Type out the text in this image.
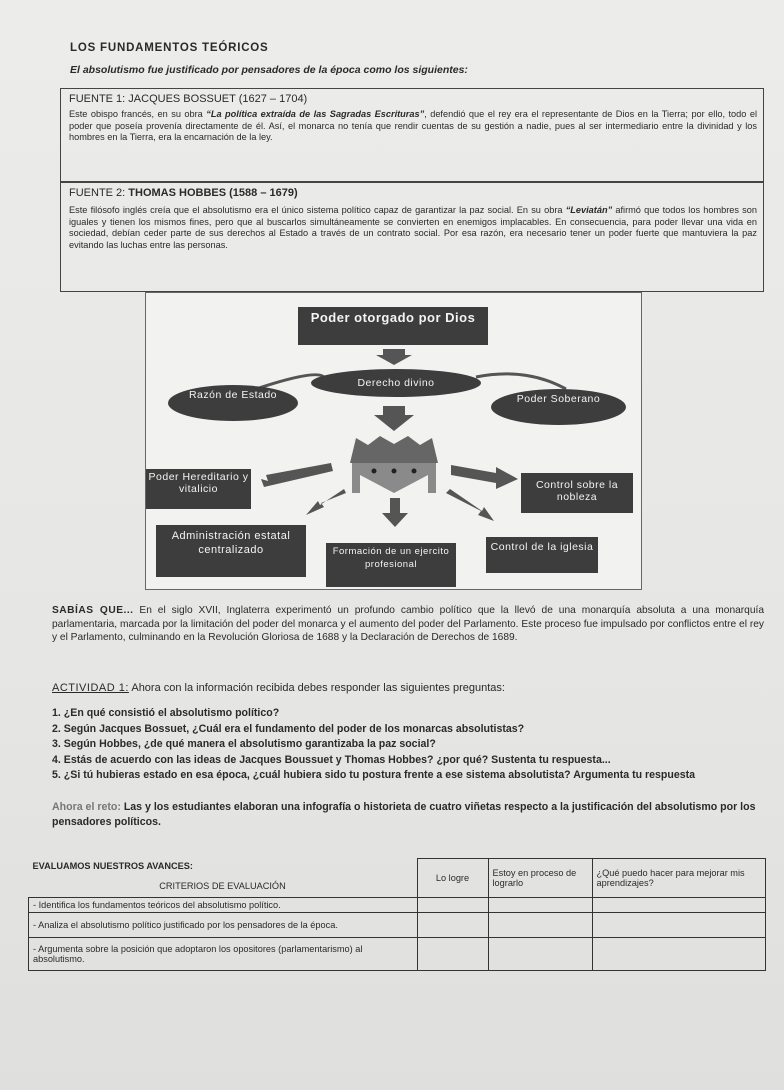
LOS FUNDAMENTOS TEÓRICOS
El absolutismo fue justificado por pensadores de la época como los siguientes:
FUENTE 1: JACQUES BOSSUET (1627 – 1704)
Este obispo francés, en su obra “La política extraída de las Sagradas Escrituras”, defendió que el rey era el representante de Dios en la Tierra; por ello, todo el poder que poseía provenía directamente de él. Así, el monarca no tenía que rendir cuentas de su gestión a nadie, pues al ser intermediario entre la divinidad y los hombres en la Tierra, era la encarnación de la ley.
FUENTE 2: THOMAS HOBBES (1588 – 1679)
Este filósofo inglés creía que el absolutismo era el único sistema político capaz de garantizar la paz social. En su obra “Leviatán” afirmó que todos los hombres son iguales y tienen los mismos fines, pero que al buscarlos simultáneamente se convierten en enemigos implacables. En consecuencia, para poder llevar una vida en sociedad, debían ceder parte de sus derechos al Estado a través de un contrato social. Por esa razón, era necesario tener un poder fuerte que mantuviera la paz evitando las luchas entre las personas.
Poder otorgado por Dios
Derecho divino
Razón de Estado	Poder Soberano
Poder Hereditario y vitalicio	Control sobre la nobleza
Administración estatal centralizado	Formación de un ejercito profesional
Control de la iglesia
SABÍAS QUE... En el siglo XVII, Inglaterra experimentó un profundo cambio político que la llevó de una monarquía absoluta a una monarquía parlamentaria, marcada por la limitación del poder del monarca y el aumento del poder del Parlamento. Este proceso fue impulsado por conflictos entre el rey y el Parlamento, culminando en la Revolución Gloriosa de 1688 y la Declaración de Derechos de 1689.
ACTIVIDAD 1: Ahora con la información recibida debes responder las siguientes preguntas:
1. ¿En qué consistió el absolutismo político?
2. Según Jacques Bossuet, ¿Cuál era el fundamento del poder de los monarcas absolutistas?
3. Según Hobbes, ¿de qué manera el absolutismo garantizaba la paz social?
4. Estás de acuerdo con las ideas de Jacques Boussuet y Thomas Hobbes? ¿por qué? Sustenta tu respuesta...
5. ¿Si tú hubieras estado en esa época, ¿cuál hubiera sido tu postura frente a ese sistema absolutista? Argumenta tu respuesta
Ahora el reto: Las y los estudiantes elaboran una infografía o historieta de cuatro viñetas respecto a la justificación del absolutismo por los pensadores políticos.
EVALUAMOS NUESTROS AVANCES:
CRITERIOS DE EVALUACIÓN	Lo logre	Estoy en proceso de lograrlo	¿Qué puedo hacer para mejorar mis aprendizajes?
- Identifica los fundamentos teóricos del absolutismo político.			
- Analiza el absolutismo político justificado por los pensadores de la época.			
- Argumenta sobre la posición que adoptaron los opositores (parlamentarismo) al absolutismo.			
